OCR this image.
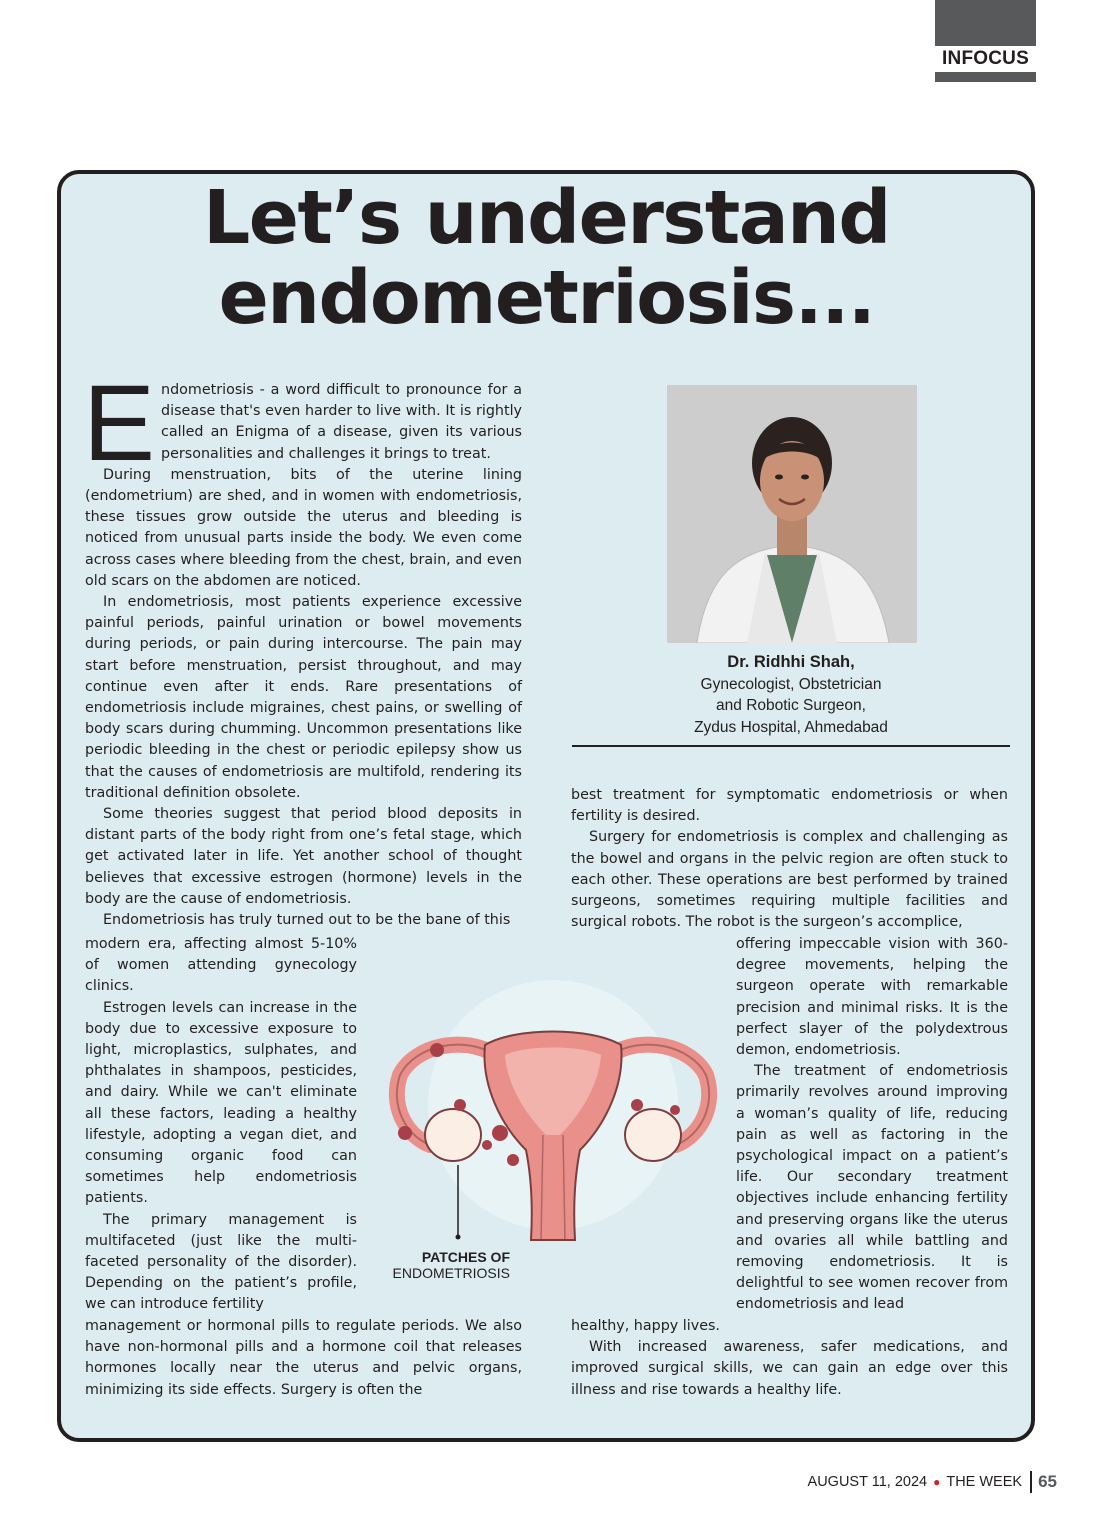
INFOCUS
Let’s understand
endometriosis...

Endometriosis - a word difficult to pronounce for a disease that's even harder to live with. It is rightly called an Enigma of a disease, given its various personalities and challenges it brings to treat.

During menstruation, bits of the uterine lining (endometrium) are shed, and in women with endometriosis, these tissues grow outside the uterus and bleeding is noticed from unusual parts inside the body. We even come across cases where bleeding from the chest, brain, and even old scars on the abdomen are noticed.

In endometriosis, most patients experience excessive painful periods, painful urination or bowel movements during periods, or pain during intercourse. The pain may start before menstruation, persist throughout, and may continue even after it ends. Rare presentations of endometriosis include migraines, chest pains, or swelling of body scars during chumming. Uncommon presentations like periodic bleeding in the chest or periodic epilepsy show us that the causes of endometriosis are multifold, rendering its traditional definition obsolete.

Some theories suggest that period blood deposits in distant parts of the body right from one’s fetal stage, which get activated later in life. Yet another school of thought believes that excessive estrogen (hormone) levels in the body are the cause of endometriosis.

Endometriosis has truly turned out to be the bane of this

modern era, affecting almost 5-10% of women attending gynecology clinics.

Estrogen levels can increase in the body due to excessive exposure to light, microplastics, sulphates, and phthalates in shampoos, pesticides, and dairy. While we can't eliminate all these factors, leading a healthy lifestyle, adopting a vegan diet, and consuming organic food can sometimes help endometriosis patients.

The primary management is multifaceted (just like the multi-faceted personality of the disorder). Depending on the patient’s profile, we can introduce fertility

management or hormonal pills to regulate periods. We also have non-hormonal pills and a hormone coil that releases hormones locally near the uterus and pelvic organs, minimizing its side effects. Surgery is often the

Dr. Ridhhi Shah,
Gynecologist, Obstetrician
and Robotic Surgeon,
Zydus Hospital, Ahmedabad

best treatment for symptomatic endometriosis or when fertility is desired.

Surgery for endometriosis is complex and challenging as the bowel and organs in the pelvic region are often stuck to each other. These operations are best performed by trained surgeons, sometimes requiring multiple facilities and surgical robots. The robot is the surgeon’s accomplice,

offering impeccable vision with 360-degree movements, helping the surgeon operate with remarkable precision and minimal risks. It is the perfect slayer of the polydextrous demon, endometriosis.

The treatment of endometriosis primarily revolves around improving a woman’s quality of life, reducing pain as well as factoring in the psychological impact on a patient’s life. Our secondary treatment objectives include enhancing fertility and preserving organs like the uterus and ovaries all while battling and removing endometriosis. It is delightful to see women recover from endometriosis and lead

healthy, happy lives.

With increased awareness, safer medications, and improved surgical skills, we can gain an edge over this illness and rise towards a healthy life.

PATCHES OF
ENDOMETRIOSIS
AUGUST 11, 2024 ● THE WEEK 65
